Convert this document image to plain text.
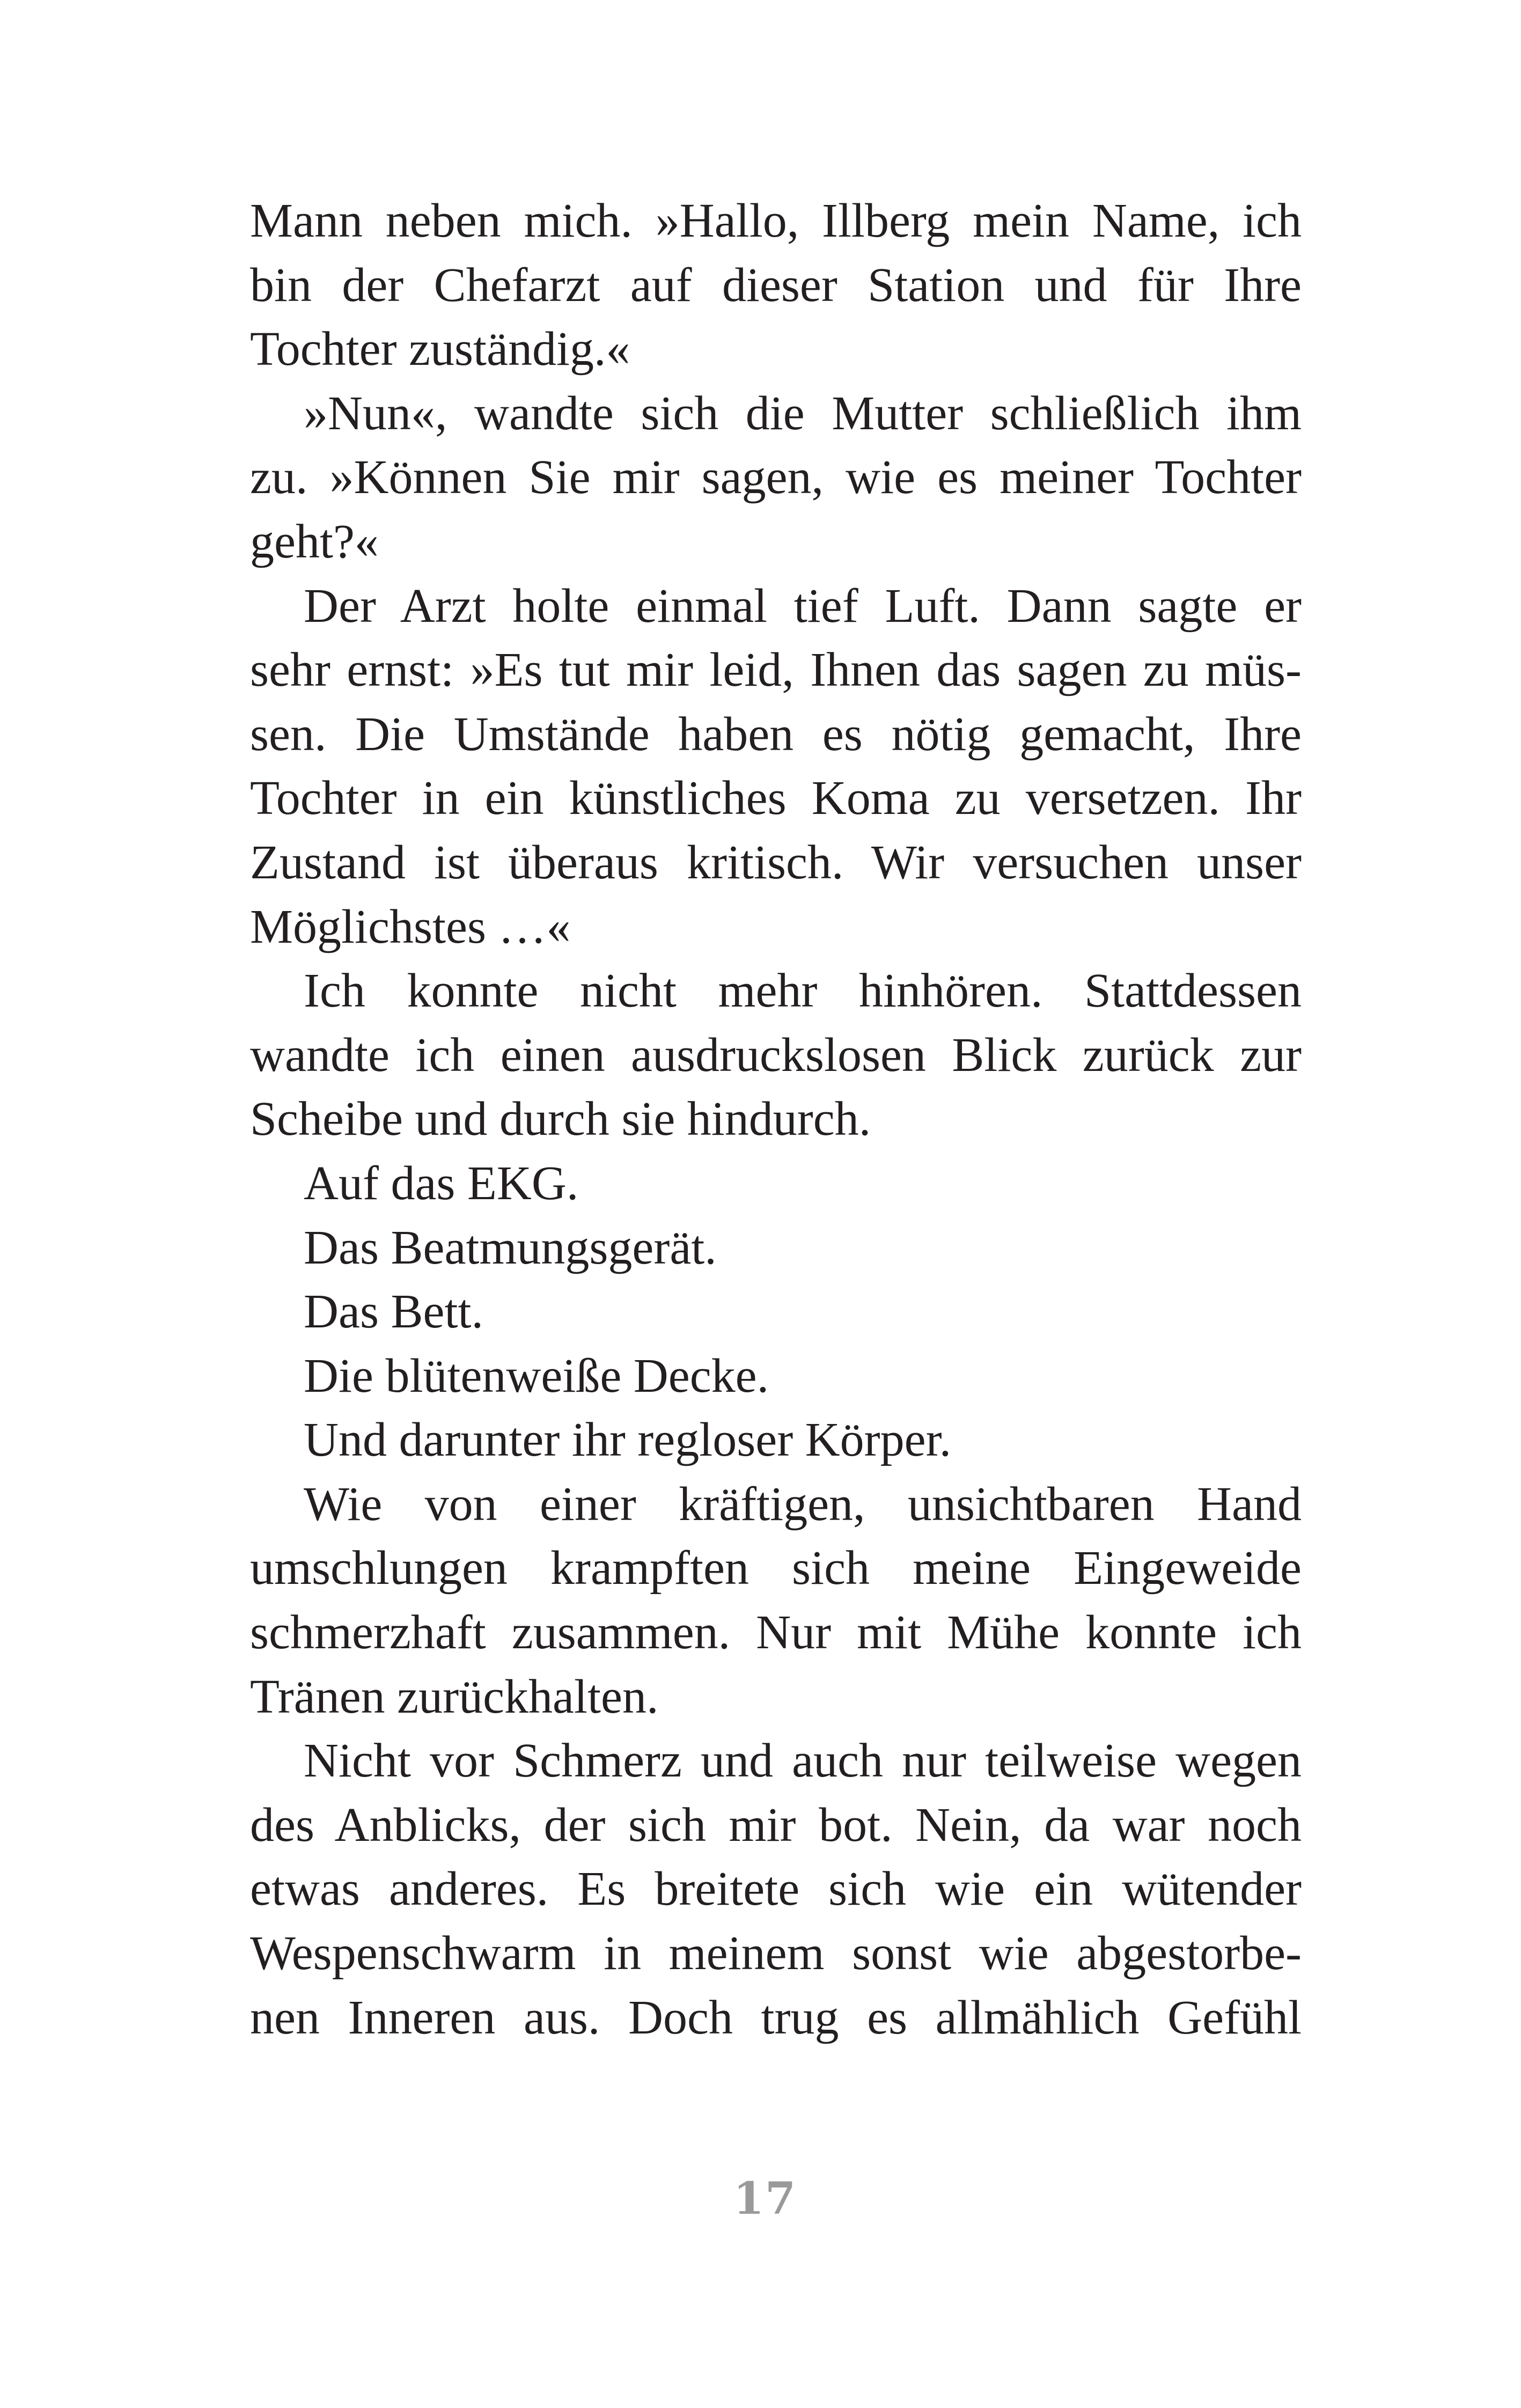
Mann neben mich. »Hallo, Illberg mein Name, ich
bin der Chefarzt auf dieser Station und für Ihre
Tochter zuständig.«
»Nun«, wandte sich die Mutter schließlich ihm
zu. »Können Sie mir sagen, wie es meiner Tochter
geht?«
Der Arzt holte einmal tief Luft. Dann sagte er
sehr ernst: »Es tut mir leid, Ihnen das sagen zu müs-
sen. Die Umstände haben es nötig gemacht, Ihre
Tochter in ein künstliches Koma zu versetzen. Ihr
Zustand ist überaus kritisch. Wir versuchen unser
Möglichstes …«
Ich konnte nicht mehr hinhören. Stattdessen
wandte ich einen ausdruckslosen Blick zurück zur
Scheibe und durch sie hindurch.
Auf das EKG.
Das Beatmungsgerät.
Das Bett.
Die blütenweiße Decke.
Und darunter ihr regloser Körper.
Wie von einer kräftigen, unsichtbaren Hand
umschlungen krampften sich meine Eingeweide
schmerzhaft zusammen. Nur mit Mühe konnte ich
Tränen zurückhalten.
Nicht vor Schmerz und auch nur teilweise wegen
des Anblicks, der sich mir bot. Nein, da war noch
etwas anderes. Es breitete sich wie ein wütender
Wespenschwarm in meinem sonst wie abgestorbe-
nen Inneren aus. Doch trug es allmählich Gefühl
17
